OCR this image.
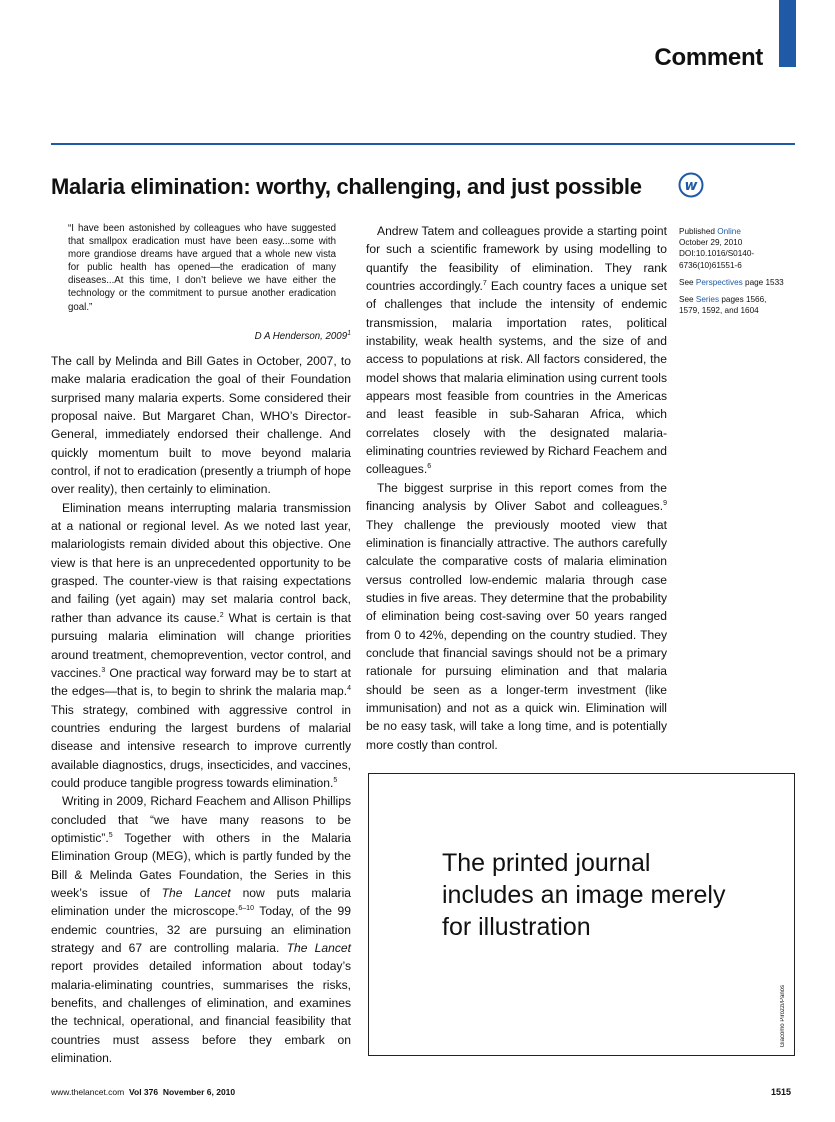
Comment
Malaria elimination: worthy, challenging, and just possible	w
“I have been astonished by colleagues who have suggested that smallpox eradication must have been easy...some with more grandiose dreams have argued that a whole new vista for public health has opened—the eradication of many diseases...At this time, I don’t believe we have either the technology or the commitment to pursue another eradication goal.”
D A Henderson, 2009$^1$

The call by Melinda and Bill Gates in October, 2007, to make malaria eradication the goal of their Foundation surprised many malaria experts. Some considered their proposal naive. But Margaret Chan, WHO’s Director-General, immediately endorsed their challenge. And quickly momentum built to move beyond malaria control, if not to eradication (presently a triumph of hope over reality), then certainly to elimination.

Elimination means interrupting malaria transmission at a national or regional level. As we noted last year, malariologists remain divided about this objective. One view is that here is an unprecedented opportunity to be grasped. The counter-view is that raising expectations and failing (yet again) may set malaria control back, rather than advance its cause.$^2$ What is certain is that pursuing malaria elimination will change priorities around treatment, chemoprevention, vector control, and vaccines.$^3$ One practical way forward may be to start at the edges—that is, to begin to shrink the malaria map.$^4$ This strategy, combined with aggressive control in countries enduring the largest burdens of malarial disease and intensive research to improve currently available diagnostics, drugs, insecticides, and vaccines, could produce tangible progress towards elimination.$^5$

Writing in 2009, Richard Feachem and Allison Phillips concluded that “we have many reasons to be optimistic”.$^5$ Together with others in the Malaria Elimination Group (MEG), which is partly funded by the Bill & Melinda Gates Foundation, the Series in this week’s issue of The Lancet now puts malaria elimination under the microscope.$^{6-10}$ Today, of the 99 endemic countries, 32 are pursuing an elimination strategy and 67 are controlling malaria. The Lancet report provides detailed information about today’s malaria-eliminating countries, summarises the risks, benefits, and challenges of elimination, and examines the technical, operational, and financial feasibility that countries must assess before they embark on elimination.

Andrew Tatem and colleagues provide a starting point for such a scientific framework by using modelling to quantify the feasibility of elimination. They rank countries accordingly.$^7$ Each country faces a unique set of challenges that include the intensity of endemic transmission, malaria importation rates, political instability, weak health systems, and the size of and access to populations at risk. All factors considered, the model shows that malaria elimination using current tools appears most feasible from countries in the Americas and least feasible in sub-Saharan Africa, which correlates closely with the designated malaria-eliminating countries reviewed by Richard Feachem and colleagues.$^6$

The biggest surprise in this report comes from the financing analysis by Oliver Sabot and colleagues.$^9$ They challenge the previously mooted view that elimination is financially attractive. The authors carefully calculate the comparative costs of malaria elimination versus controlled low-endemic malaria through case studies in five areas. They determine that the probability of elimination being cost-saving over 50 years ranged from 0 to 42%, depending on the country studied. They conclude that financial savings should not be a primary rationale for pursuing elimination and that malaria should be seen as a longer-term investment (like immunisation) and not as a quick win. Elimination will be no easy task, will take a long time, and is potentially more costly than control.

Published Online
October 29, 2010
DOI:10.1016/S0140-6736(10)61551-6
See Perspectives page 1533
See Series pages 1566, 1579, 1592, and 1604
The printed journal includes an image merely for illustration
Giacomo Pirozzi/Panos
www.thelancet.com Vol 376 November 6, 2010	1515
